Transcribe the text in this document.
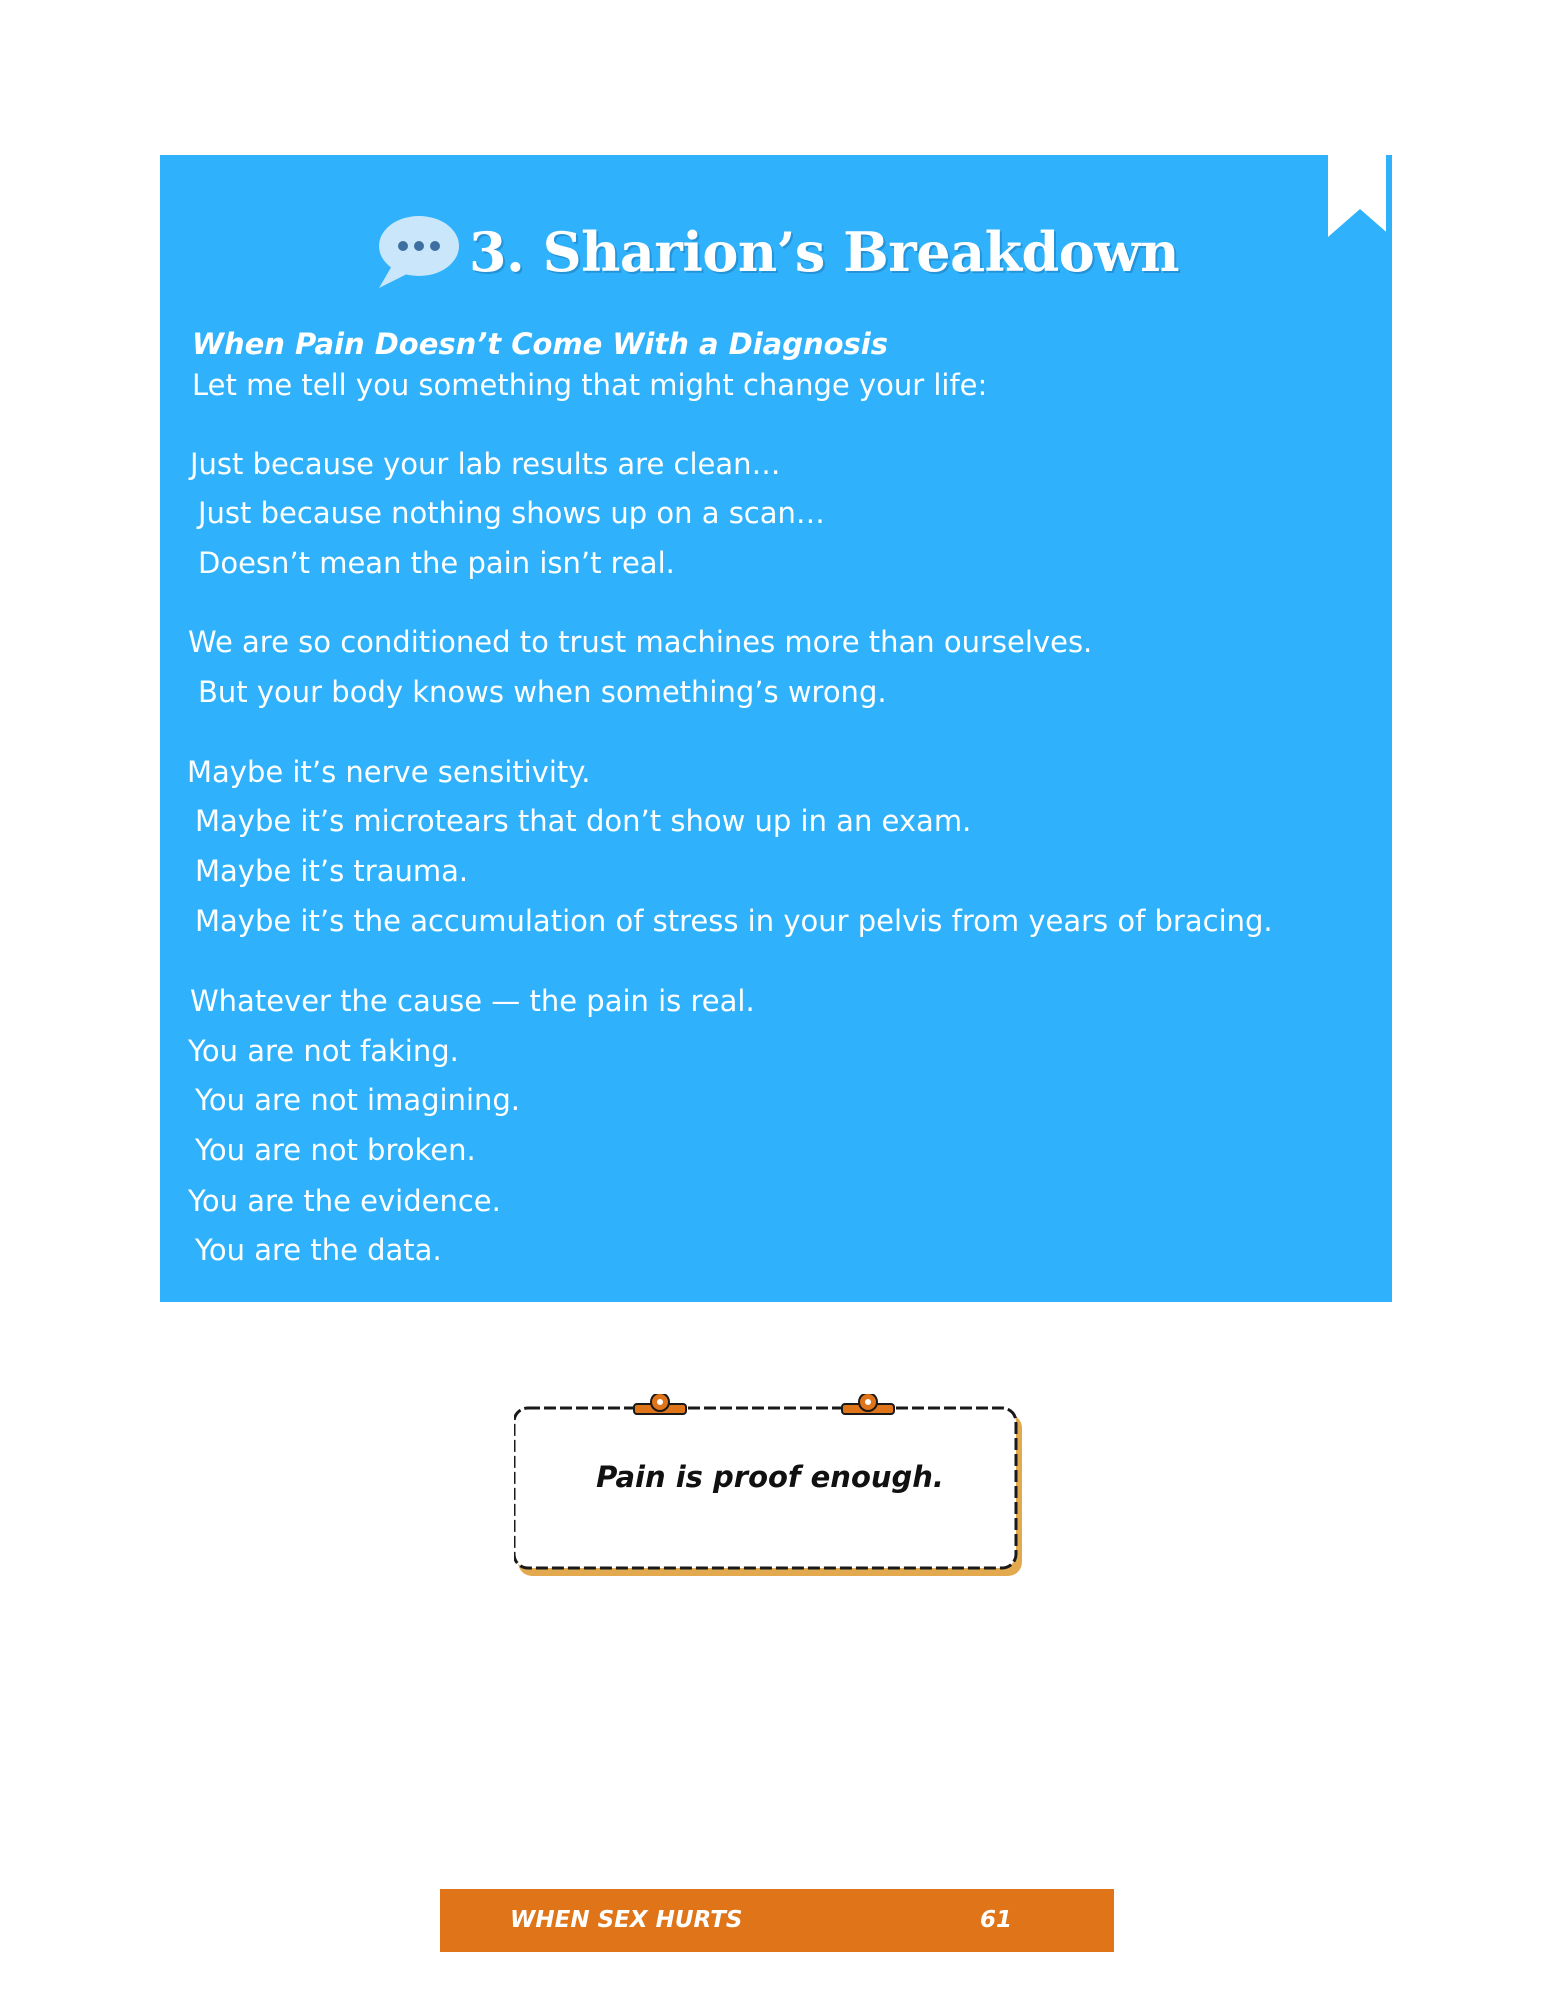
3. Sharion’s Breakdown

When Pain Doesn’t Come With a Diagnosis

Let me tell you something that might change your life:
Just because your lab results are clean…
Just because nothing shows up on a scan…
Doesn’t mean the pain isn’t real.
We are so conditioned to trust machines more than ourselves.
But your body knows when something’s wrong.
Maybe it’s nerve sensitivity.
Maybe it’s microtears that don’t show up in an exam.
Maybe it’s trauma.
Maybe it’s the accumulation of stress in your pelvis from years of bracing.
Whatever the cause — the pain is real.
You are not faking.
You are not imagining.
You are not broken.
You are the evidence.
You are the data.

Pain is proof enough.

WHEN SEX HURTS	61
